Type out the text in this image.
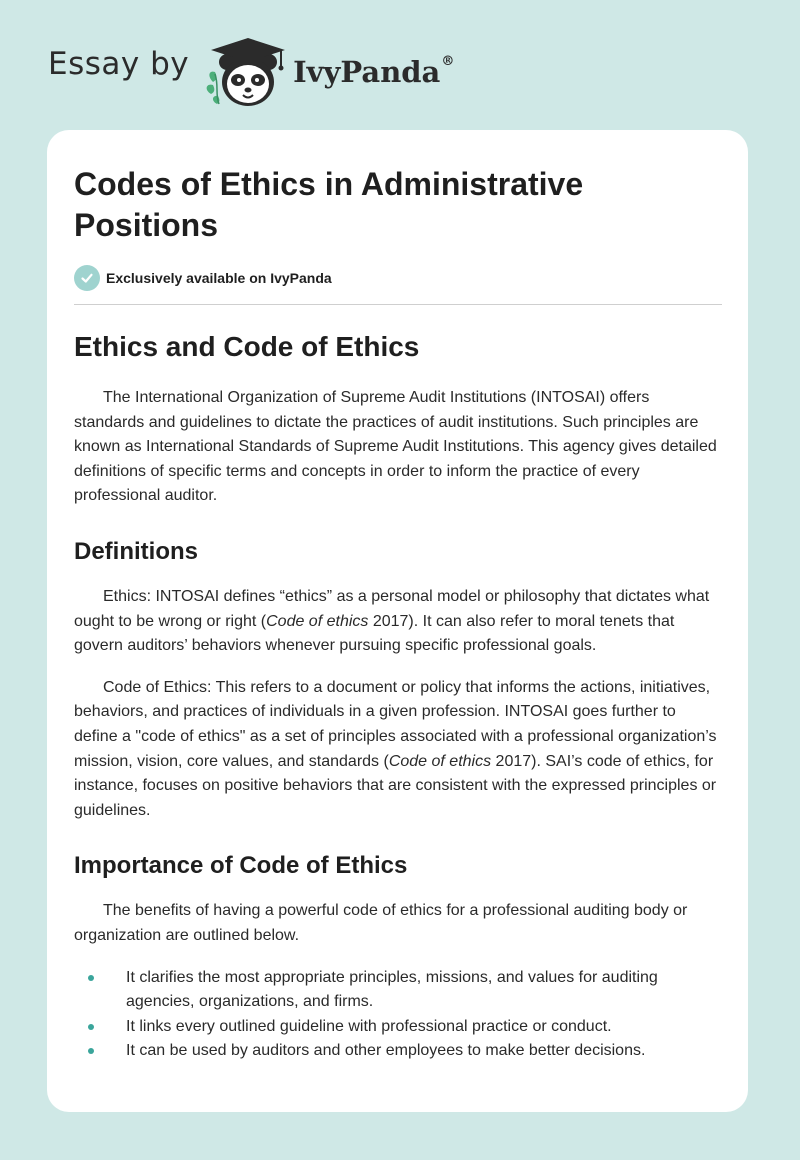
Essay by	IvyPanda®
Codes of Ethics in Administrative Positions
Exclusively available on IvyPanda
Ethics and Code of Ethics

The International Organization of Supreme Audit Institutions (INTOSAI) offers standards and guidelines to dictate the practices of audit institutions. Such principles are known as International Standards of Supreme Audit Institutions. This agency gives detailed definitions of specific terms and concepts in order to inform the practice of every professional auditor.

Definitions

Ethics: INTOSAI defines “ethics” as a personal model or philosophy that dictates what ought to be wrong or right (Code of ethics 2017). It can also refer to moral tenets that govern auditors’ behaviors whenever pursuing specific professional goals.

Code of Ethics: This refers to a document or policy that informs the actions, initiatives, behaviors, and practices of individuals in a given profession. INTOSAI goes further to define a "code of ethics" as a set of principles associated with a professional organization’s mission, vision, core values, and standards (Code of ethics 2017). SAI’s code of ethics, for instance, focuses on positive behaviors that are consistent with the expressed principles or guidelines.

Importance of Code of Ethics

The benefits of having a powerful code of ethics for a professional auditing body or organization are outlined below.

It clarifies the most appropriate principles, missions, and values for auditing agencies, organizations, and firms.
It links every outlined guideline with professional practice or conduct.
It can be used by auditors and other employees to make better decisions.
